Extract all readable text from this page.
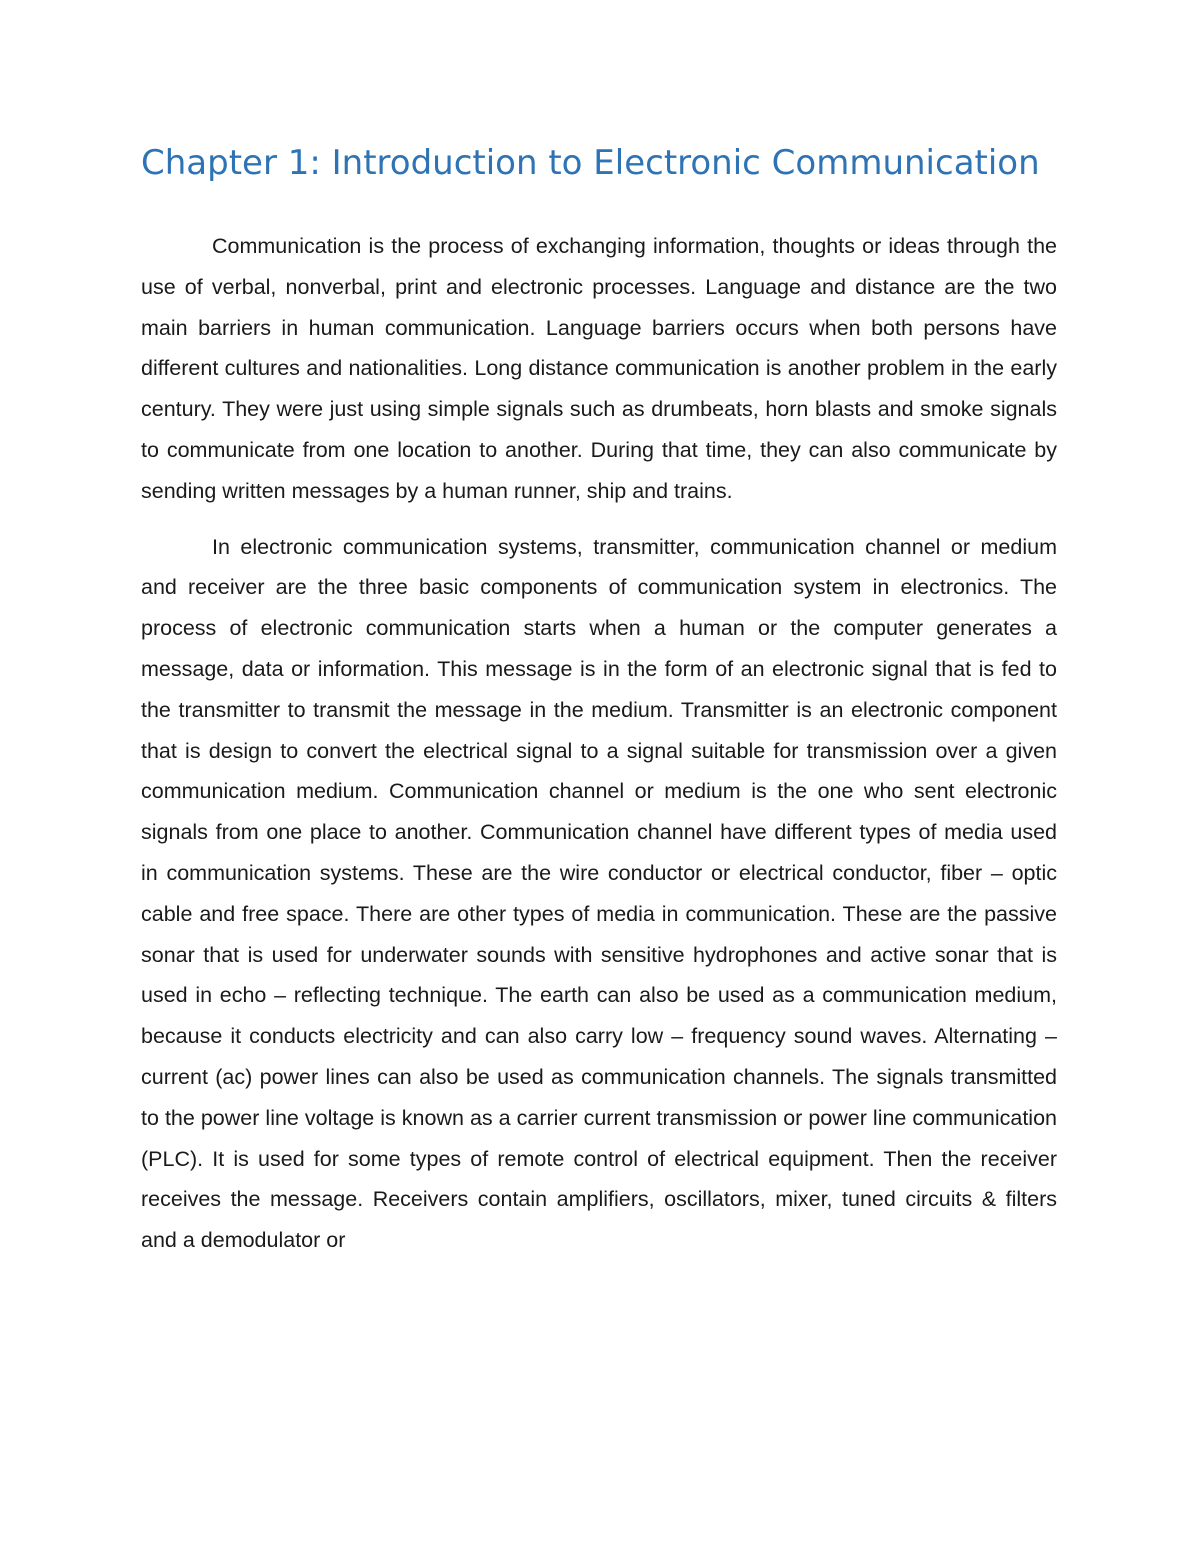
Chapter 1: Introduction to Electronic Communication

Communication is the process of exchanging information, thoughts or ideas through the use of verbal, nonverbal, print and electronic processes. Language and distance are the two main barriers in human communication. Language barriers occurs when both persons have different cultures and nationalities. Long distance communication is another problem in the early century. They were just using simple signals such as drumbeats, horn blasts and smoke signals to communicate from one location to another. During that time, they can also communicate by sending written messages by a human runner, ship and trains.

In electronic communication systems, transmitter, communication channel or medium and receiver are the three basic components of communication system in electronics. The process of electronic communication starts when a human or the computer generates a message, data or information. This message is in the form of an electronic signal that is fed to the transmitter to transmit the message in the medium. Transmitter is an electronic component that is design to convert the electrical signal to a signal suitable for transmission over a given communication medium. Communication channel or medium is the one who sent electronic signals from one place to another. Communication channel have different types of media used in communication systems. These are the wire conductor or electrical conductor, fiber – optic cable and free space. There are other types of media in communication. These are the passive sonar that is used for underwater sounds with sensitive hydrophones and active sonar that is used in echo – reflecting technique. The earth can also be used as a communication medium, because it conducts electricity and can also carry low – frequency sound waves. Alternating – current (ac) power lines can also be used as communication channels. The signals transmitted to the power line voltage is known as a carrier current transmission or power line communication (PLC). It is used for some types of remote control of electrical equipment. Then the receiver receives the message. Receivers contain amplifiers, oscillators, mixer, tuned circuits & filters and a demodulator or
